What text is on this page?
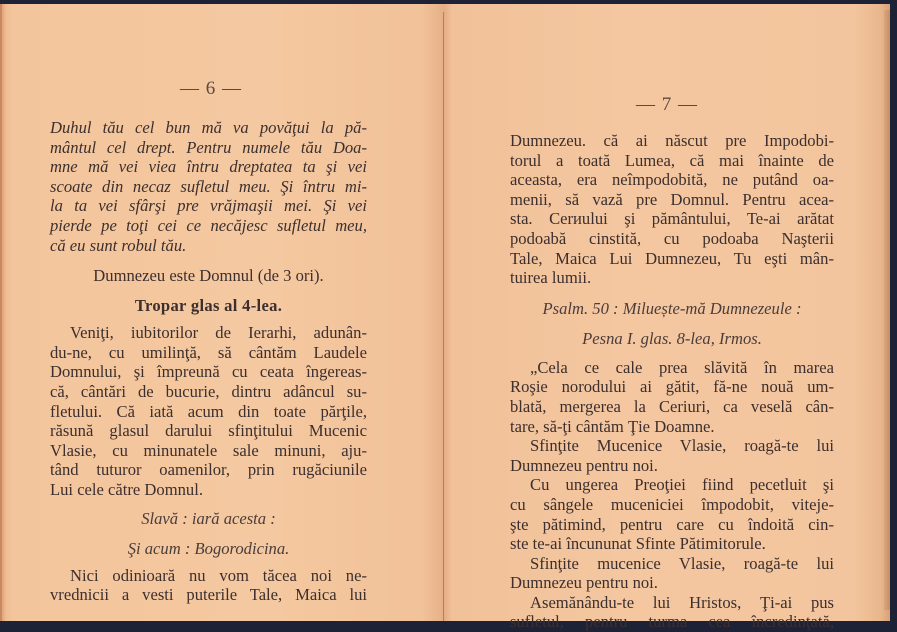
— 6 —
Duhul tău cel bun mă va povăţui la pă-
mântul cel drept. Pentru numele tău Doa-
mne mă vei viea întru dreptatea ta şi vei
scoate din necaz sufletul meu. Şi întru mi-
la ta vei sfârşi pre vrăjmaşii mei. Şi vei
pierde pe toţi cei ce necăjesc sufletul meu,
că eu sunt robul tău.
Dumnezeu este Domnul (de 3 ori).
Tropar glas al 4-lea.
Veniţi, iubitorilor de Ierarhi, adunân-
du-ne, cu umilinţă, să cântăm Laudele
Domnului, şi împreună cu ceata îngereas-
că, cântări de bucurie, dintru adâncul su-
fletului. Că iată acum din toate părţile,
răsună glasul darului sfinţitului Mucenic
Vlasie, cu minunatele sale minuni, aju-
tând tuturor oamenilor, prin rugăciunile
Lui cele către Domnul.
Slavă : iară acesta :
Şi acum : Bogorodicina.
Nici odinioară nu vom tăcea noi ne-
vrednicii a vesti puterile Tale, Maica lui
— 7 —
Dumnezeu. că ai născut pre Impodobi-
torul a toată Lumea, că mai înainte de
aceasta, era neîmpodobită, ne putând oa-
menii, să vază pre Domnul. Pentru acea-
sta. Cerиului şi pământului, Te-ai arătat
podoabă cinstită, cu podoaba Naşterii
Tale, Maica Lui Dumnezeu, Tu eşti mân-
tuirea lumii.
Psalm. 50 : Miluește-mă Dumnezeule :
Pesna I. glas. 8-lea, Irmos.
„Cela ce cale prea slăvită în marea
Roşie norodului ai gătit, fă-ne nouă um-
blată, mergerea la Ceriuri, ca veselă cân-
tare, să-ţi cântăm Ţie Doamne.
Sfinţite Mucenice Vlasie, roagă-te lui
Dumnezeu pentru noi.
Cu ungerea Preoţiei fiind pecetluit şi
cu sângele muceniciei împodobit, viteje-
şte pătimind, pentru care cu îndoită cin-
ste te-ai încununat Sfinte Pătimitorule.
Sfinţite mucenice Vlasie, roagă-te lui
Dumnezeu pentru noi.
Asemănându-te lui Hristos, Ţi-ai pus
sufletul, pentru turma cea încredinţată,
